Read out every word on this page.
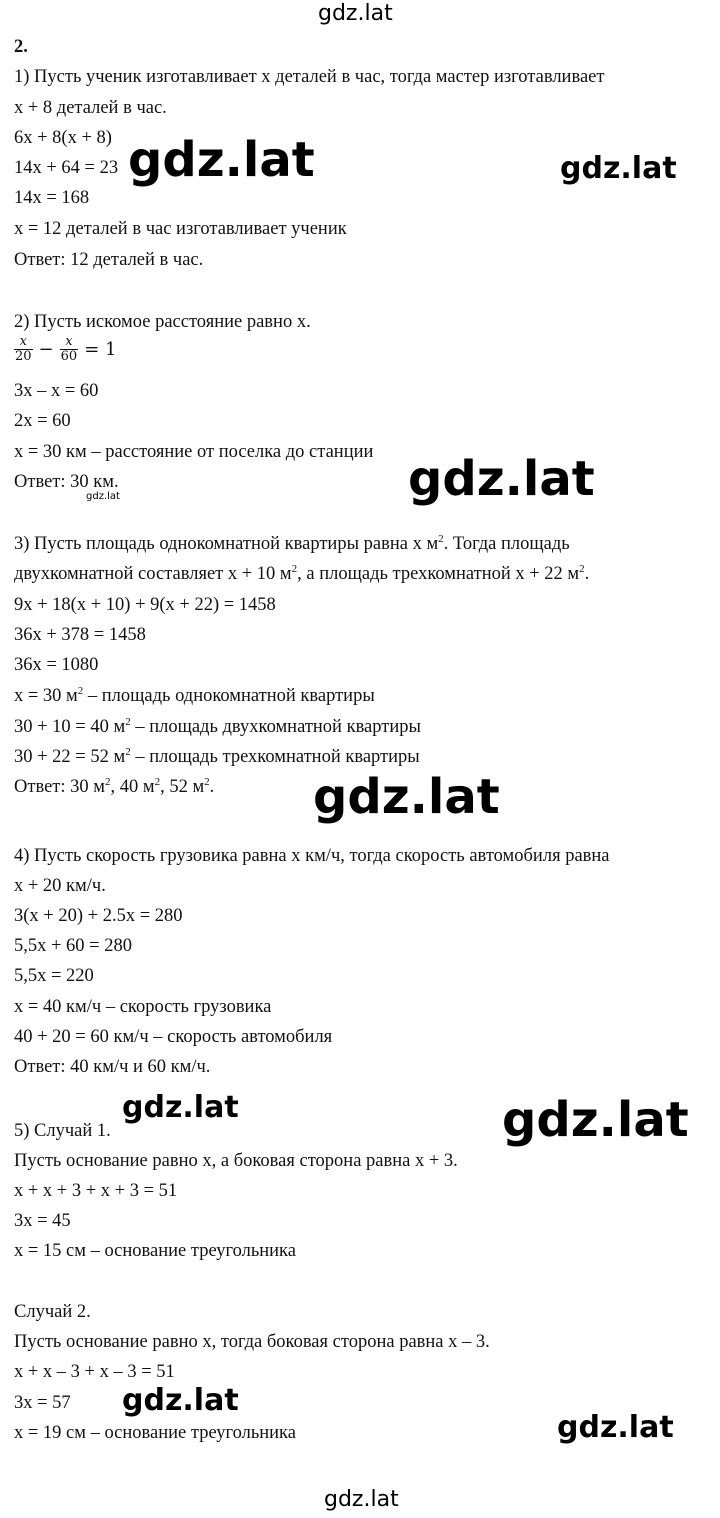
gdz.lat
2.
1) Пусть ученик изготавливает x деталей в час, тогда мастер изготавливает
x + 8 деталей в час.
6x + 8(x + 8)
14x + 64 = 23
14x = 168
x = 12 деталей в час изготавливает ученик
Ответ: 12 деталей в час.
gdz.lat	gdz.lat
2) Пусть искомое расстояние равно x.
$\frac{x}{20} - \frac{x}{60} = 1$
3x – x = 60
2x = 60
x = 30 км – расстояние от поселка до станции
Ответ: 30 км.	gdz.lat
gdz.lat
3) Пусть площадь однокомнатной квартиры равна x $м^2$. Тогда площадь
двухкомнатной составляет x + 10 $м^2$, а площадь трехкомнатной x + 22 $м^2$.
9x + 18(x + 10) + 9(x + 22) = 1458
36x + 378 = 1458
36x = 1080
x = 30 $м^2$ – площадь однокомнатной квартиры
30 + 10 = 40 $м^2$ – площадь двухкомнатной квартиры
30 + 22 = 52 $м^2$ – площадь трехкомнатной квартиры
Ответ: 30 $м^2$, 40 $м^2$, 52 $м^2$. gdz.lat
4) Пусть скорость грузовика равна x км/ч, тогда скорость автомобиля равна
x + 20 км/ч.
3(x + 20) + 2.5x = 280
5,5x + 60 = 280
5,5x = 220
x = 40 км/ч – скорость грузовика
40 + 20 = 60 км/ч – скорость автомобиля
Ответ: 40 км/ч и 60 км/ч.
5) Случай 1.
gdz.lat	gdz.lat
Пусть основание равно x, а боковая сторона равна x + 3.
x + x + 3 + x + 3 = 51
3x = 45
x = 15 см – основание треугольника
Случай 2.
Пусть основание равно x, тогда боковая сторона равна x – 3.
x + x – 3 + x – 3 = 51
3x = 57
x = 19 см – основание треугольника
gdz.lat
gdz.lat
gdz.lat
